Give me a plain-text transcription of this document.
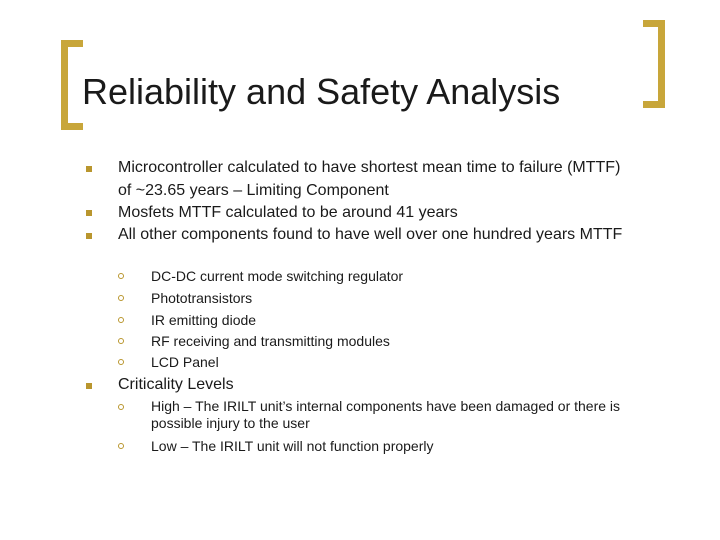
Reliability and Safety Analysis
Microcontroller calculated to have shortest mean time to failure (MTTF) of ~23.65 years – Limiting Component
Mosfets MTTF calculated to be around 41 years
All other components found to have well over one hundred years MTTF
DC-DC current mode switching regulator
Phototransistors
IR emitting diode
RF receiving and transmitting modules
LCD Panel
Criticality Levels
High – The IRILT unit’s internal components have been damaged or there is possible injury to the user
Low – The IRILT unit will not function properly
